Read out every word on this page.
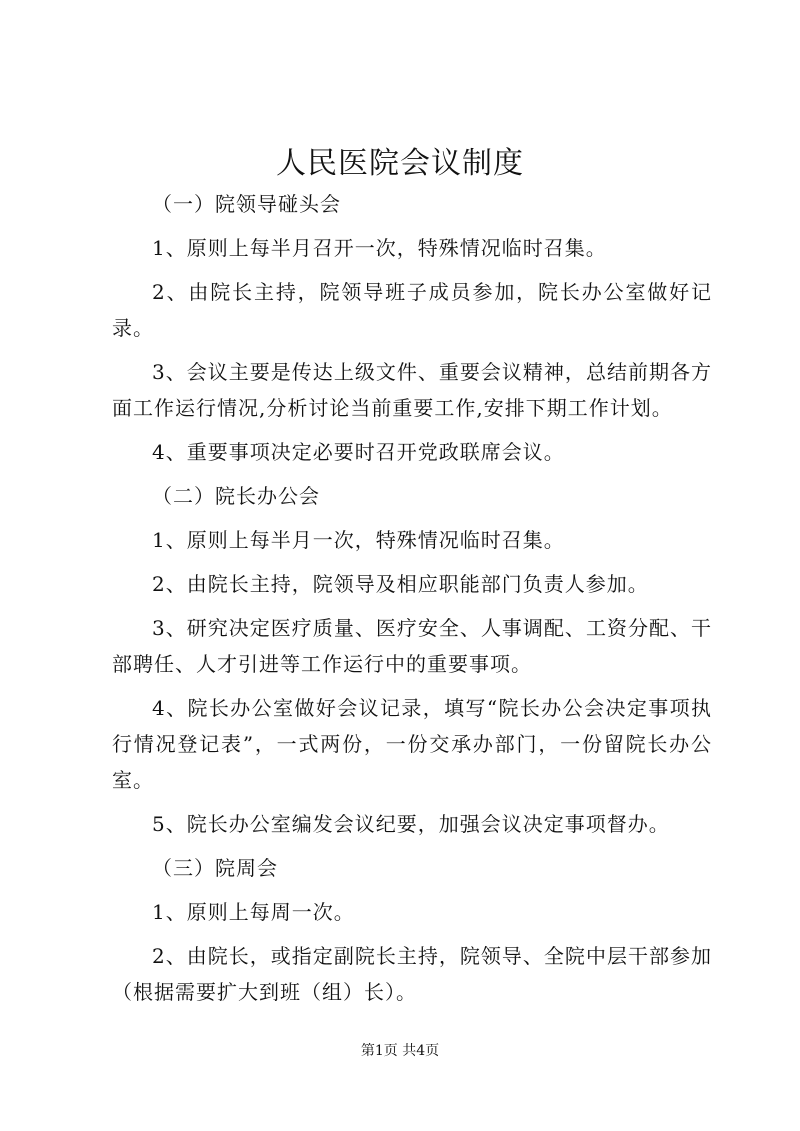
人民医院会议制度

（一）院领导碰头会

1、原则上每半月召开一次，特殊情况临时召集。

2、由院长主持，院领导班子成员参加，院长办公室做好记录。

3、会议主要是传达上级文件、重要会议精神，总结前期各方面工作运行情况,分析讨论当前重要工作,安排下期工作计划。

4、重要事项决定必要时召开党政联席会议。

（二）院长办公会

1、原则上每半月一次，特殊情况临时召集。

2、由院长主持，院领导及相应职能部门负责人参加。

3、研究决定医疗质量、医疗安全、人事调配、工资分配、干部聘任、人才引进等工作运行中的重要事项。

4、院长办公室做好会议记录，填写“院长办公会决定事项执行情况登记表”，一式两份，一份交承办部门，一份留院长办公室。

5、院长办公室编发会议纪要，加强会议决定事项督办。

（三）院周会

1、原则上每周一次。

2、由院长，或指定副院长主持，院领导、全院中层干部参加（根据需要扩大到班（组）长）。

第1页 共4页
